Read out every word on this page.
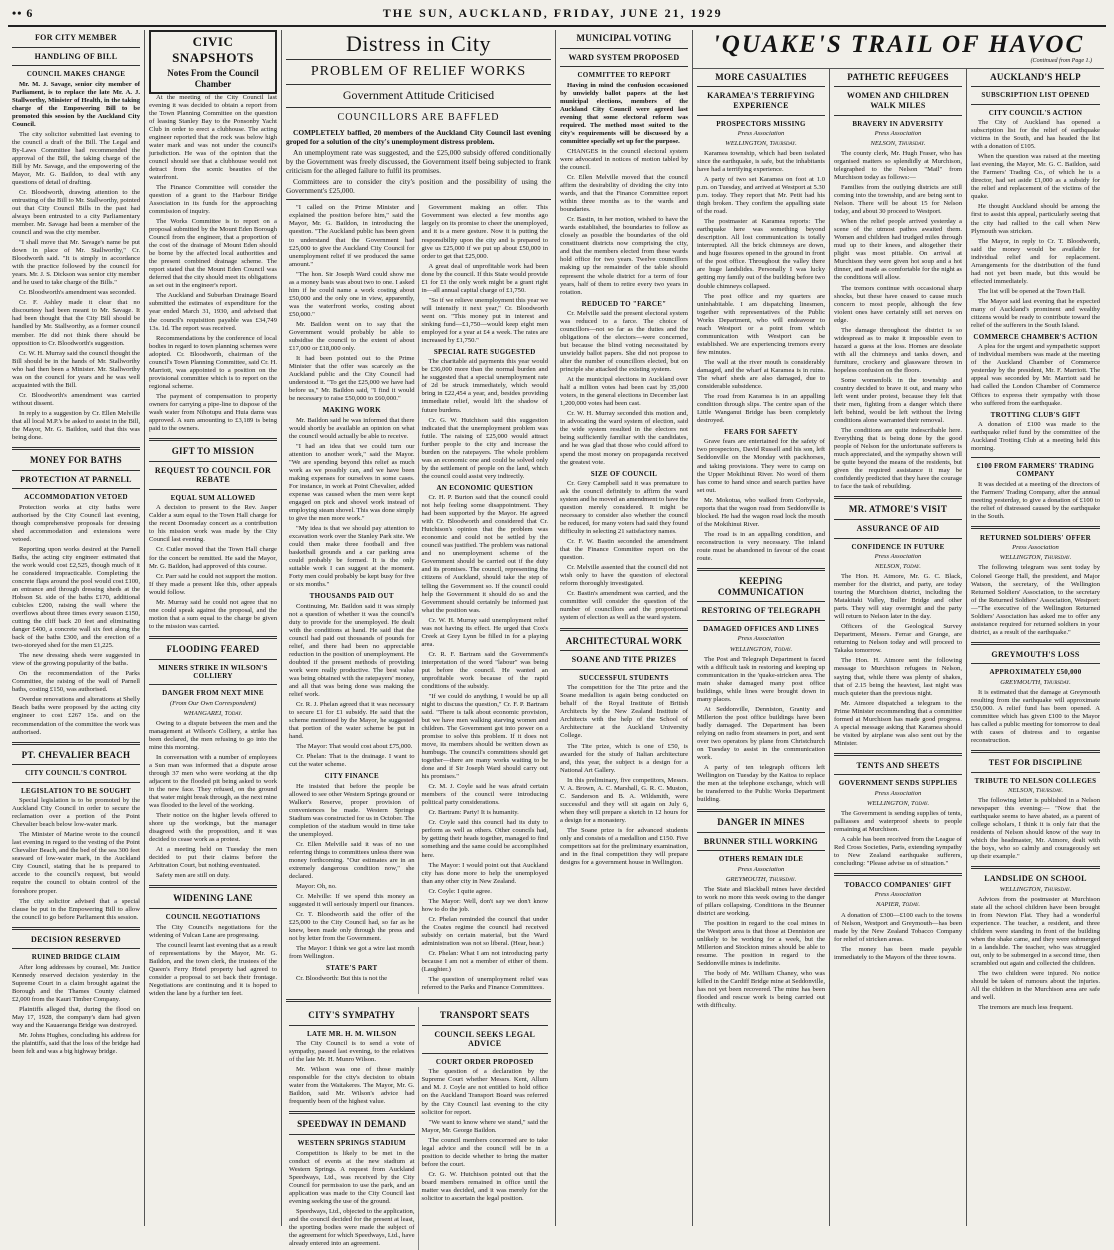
•• 6	THE SUN, AUCKLAND, FRIDAY, JUNE 21, 1929
FOR CITY MEMBER
HANDLING OF BILL
COUNCIL MAKES CHANGE

Mr. M. J. Savage, senior city member of Parliament, is to replace the late Mr. A. J. Stallworthy, Minister of Health, in the taking charge of the Empowering Bill to be promoted this session by the Auckland City Council.

The city solicitor submitted last evening to the council a draft of the Bill. The Legal and By-Laws Committee had recommended the approval of the Bill, the taking charge of the Bill by Mr. Savage, and the empowering of the Mayor, Mr. G. Baildon, to deal with any questions of detail of drafting.

Cr. Bloodworth, drawing attention to the entrusting of the Bill to Mr. Stallworthy, pointed out that City Council Bills in the past had always been entrusted to a city Parliamentary member. Mr. Savage had been a member of the council and was the city member.

"I shall move that Mr. Savage's name be put down in place of Mr. Stallworthy," Cr. Bloodworth said. "It is simply in accordance with the practice followed by the council for years. Mr. J. S. Dickson was senior city member and he used to take charge of the Bills."

Cr. Bloodworth's amendment was seconded.

Cr. F. Ashley made it clear that no discourtesy had been meant to Mr. Savage. It had been thought that the City Bill should be handled by Mr. Stallworthy, as a former council member. He did not think there should be opposition to Cr. Bloodworth's suggestion.

Cr. W. H. Murray said the council thought the Bill should be in the hands of Mr. Stallworthy who had then been a Minister. Mr. Stallworthy was on the council for years and he was well acquainted with the Bill.

Cr. Bloodworth's amendment was carried without dissent.

In reply to a suggestion by Cr. Ellen Melville that all local M.P.'s be asked to assist in the Bill, the Mayor, Mr. G. Baildon, said that this was being done.

MONEY FOR BATHS
PROTECTION AT PARNELL
ACCOMMODATION VETOED

Protection works at city baths were authorised by the City Council last evening, though comprehensive proposals for dressing shed accommodation and extensions were vetoed.

Reporting upon works desired at the Parnell Baths, the acting city engineer estimated that the work would cost £2,525, though much of it he considered impracticable. Completing the concrete flaps around the pool would cost £100, an entrance and through dressing sheds at the Hobson St. side of the baths £170, additional cubicles £200, raising the wall where the overflows about three times every season £150, cutting the cliff back 20 feet and eliminating danger £400, a concrete wall six feet along the back of the baths £300, and the erection of a two-storeyed shed for the men £1,225.

The new dressing sheds were suggested in view of the growing popularity of the baths.

On the recommendation of the Parks Committee, the raising of the wall of Parnell baths, costing £150, was authorised.

Overdue renovations and alterations at Shelly Beach baths were proposed by the acting city engineer to cost £267 15s. and on the recommendation of the committee the work was authorised.

PT. CHEVALIER BEACH
CITY COUNCIL'S CONTROL
LEGISLATION TO BE SOUGHT

Special legislation is to be promoted by the Auckland City Council in order to secure the reclamation over a portion of the Point Chevalier beach below low-water mark.

The Minister of Marine wrote to the council last evening in regard to the vesting of the Point Chevalier Beach, and the bed of the sea 300 feet seaward of low-water mark, in the Auckland City Council, stating that he is prepared to accede to the council's request, but would require the council to obtain control of the foreshore proper.

The city solicitor advised that a special clause be put in the Empowering Bill to allow the council to go before Parliament this session.

DECISION RESERVED
RUINED BRIDGE CLAIM

After long addresses by counsel, Mr. Justice Kennedy reserved decision yesterday in the Supreme Court in a claim brought against the Borough and the Thames County claimed £2,000 from the Kauri Timber Company.

Plaintiffs alleged that, during the flood on May 17, 1928, the company's dam had given way and the Kauaeranga Bridge was destroyed.

Mr. Johns Hughes, concluding his address for the plaintiffs, said that the loss of the bridge had been felt and was a big highway bridge.

CIVIC SNAPSHOTS
Notes From the Council Chamber

At the meeting of the City Council last evening it was decided to obtain a report from the Town Planning Committee on the question of leasing Stanley Bay to the Ponsonby Yacht Club in order to erect a clubhouse. The acting engineer reported that the rock was below high water mark and was not under the council's jurisdiction. He was of the opinion that the council should see that a clubhouse would not detract from the scenic beauties of the waterfront.

The Finance Committee will consider the question of a grant to the Harbour Bridge Association in its funds for the approaching commission of inquiry.

The Works Committee is to report on a proposal submitted by the Mount Eden Borough Council from the engineer, that a proportion of the cost of the drainage of Mount Eden should be borne by the affected local authorities and the present combined drainage scheme. The report stated that the Mount Eden Council was deferred that the city should meet its obligations as set out in the engineer's report.

The Auckland and Suburban Drainage Board submitted the estimates of expenditure for the year ended March 31, 1930, and advised that the council's requisition payable was £34,749 13s. 1d. The report was received.

Recommendations by the conference of local bodies in regard to town planning schemes were adopted. Cr. Bloodworth, chairman of the council's Town Planning Committee, said Cr. H. Marriott, was appointed to a position on the provisional committee which is to report on the regional scheme.

The payment of compensation to property owners for carrying a pipe-line to dispose of the wash water from Nihotupu and Huia dams was approved. A sum amounting to £3,189 is being paid to the owners.

GIFT TO MISSION
REQUEST TO COUNCIL FOR REBATE
EQUAL SUM ALLOWED

A decision to present to the Rev. Jasper Calder a sum equal to the Town Hall charge for the recent Doomsday concert as a contribution to his mission work was made by the City Council last evening.

Cr. Cutler moved that the Town Hall charge for the concert be remitted. He said the Mayor, Mr. G. Baildon, had approved of this course.

Cr. Parr said he could not support the motion. If they made a present like this, other appeals would follow.

Mr. Murray said he could not agree that no one could speak against the proposal, and the motion that a sum equal to the charge be given to the mission was carried.

FLOODING FEARED
MINERS STRIKE IN WILSON'S COLLIERY
DANGER FROM NEXT MINE
(From Our Own Correspondent)
WHANGAREI, Today.

Owing to a dispute between the men and the management at Wilson's Colliery, a strike has been declared, the men refusing to go into the mine this morning.

In conversation with a number of employees a Sun man was informed that a dispute arose through 37 men who were working at the dip adjacent to the flooded pit being asked to work in the new face. They refused, on the ground that water might break through, as the next mine was flooded to the level of the working.

Their notice on the higher levels offered to shore up the workings, but the manager disagreed with the proposition, and it was decided to cease work as a protest.

At a meeting held on Tuesday the men decided to put their claims before the Arbitration Court, but nothing eventuated.

Safety men are still on duty.

WIDENING LANE
COUNCIL NEGOTIATIONS

The City Council's negotiations for the widening of Vulcan Lane are progressing.

The council learnt last evening that as a result of representations by the Mayor, Mr. G. Baildon, and the town clerk, the trustees of the Queen's Ferry Hotel property had agreed to consider a proposal to set back their frontage. Negotiations are continuing and it is hoped to widen the lane by a further ten feet.

Distress in City
PROBLEM OF RELIEF WORKS
Government Attitude Criticised
COUNCILLORS ARE BAFFLED

COMPLETELY baffled, 20 members of the Auckland City Council last evening groped for a solution of the city's unemployment distress problem.

An unemployment rate was suggested, and the £25,000 subsidy offered conditionally by the Government was freely discussed, the Government itself being subjected to frank criticism for the alleged failure to fulfil its promises.

Committees are to consider the city's position and the possibility of using the Government's £25,000.

"I called on the Prime Minister and explained the position before him," said the Mayor, Mr. G. Baildon, in introducing the question. "The Auckland public has been given to understand that the Government had £25,000 to give the Auckland City Council for unemployment relief if we produced the same amount."

"The hon. Sir Joseph Ward could show me as a money basis was about two to one. I asked him if he could name a work costing about £50,000 and the only one in view, apparently, was the waterfront works, costing about £50,000."

Mr. Baildon went on to say that the Government would probably be able to subsidise the council to the extent of about £17,000 or £18,000 only.

It had been pointed out to the Prime Minister that the offer was scarcely as the Auckland public and the City Council had understood it. "To get the £25,000 we have had before us," Mr. Baildon said, "I find it would be necessary to raise £50,000 to £60,000."

MAKING WORK

Mr. Baildon said he was informed that there would shortly be available an opinion on what the council would actually be able to receive.

"I had an idea that we could turn our attention to another work," said the Mayor. "We are spending beyond this relief as much work as we possibly can, and we have been making expenses for ourselves in some cases. For instance, in work at Point Chevalier, added expense was caused when the men were kept engaged on pick and shovel work instead of employing steam shovel. This was done simply to give the men more work."

"My idea is that we should pay attention to excavation work over the Stanley Park site. We could then make three football and five basketball grounds and a car parking area could probably be formed. It is the only suitable work I can suggest at the moment. Forty men could probably be kept busy for five or six months."

THOUSANDS PAID OUT

Continuing, Mr. Baildon said it was simply not a question of whether it was the council's duty to provide for the unemployed. He dealt with the conditions at hand. He said that the council had paid out thousands of pounds for relief, and there had been no appreciable reduction in the position of unemployment. He doubted if the present methods of providing work were really productive. The best value was being obtained with the ratepayers' money, and all that was being done was making the relief work.

Cr. R. J. Phelan agreed that it was necessary to secure £1 for £1 subsidy. He said that the scheme mentioned by the Mayor, he suggested that portion of the water scheme be put in hand.

The Mayor: That would cost about £75,000.

Cr. Phelan: That is the drainage. I want to cut the water scheme.

CITY FINANCE

He insisted that before the people be allowed to see other Western Springs ground or Walker's Reserve, proper provision of conveniences be made. Western Springs Stadium was constructed for us in October. The completion of the stadium would in time take the unemployed.

Cr. Ellen Melville said it was of no use referring things to committees unless there was money forthcoming. "Our estimates are in an extremely dangerous condition now," she declared.

Mayor: Oh, no.

Cr. Melville: If we spend this money as suggested it will seriously imperil our finances.

Cr. T. Bloodworth said the offer of the £25,000 to the City Council had, so far as he knew, been made only through the press and not by letter from the Government.

The Mayor: I think we got a wire last month from Wellington.

STATE'S PART

Cr. Bloodworth: But this is not the

Government making an offer. This Government was elected a few months ago largely on its promise to cheer the unemployed, and it is a mere gesture. Now it is putting the responsibility upon the city and is prepared to give us £25,000 if we put up about £50,000 in order to get that £25,000.

A great deal of unprofitable work had been done by the council. If this State would provide £1 for £1 the only work might be a grant right in—all annual capital charge of £1,750.

"So if we relieve unemployment this year we will intensify it next year," Cr. Bloodworth went on. "This money put in interest and sinking fund—£1,750—would keep eight men employed for a year at £4 a week. The rates are increased by £1,750."

SPECIAL RATE SUGGESTED

The charitable aid payments this year would be £36,000 more than the normal burden and he suggested that a special unemployment rate of 2d be struck immediately, which would bring in £22,454 a year, and, besides providing immediate relief, would lift the shadow of future burdens.

Cr. G. W. Hutchison said this suggestion indicated that the unemployment problem was futile. The raising of £25,000 would attract further people to the city and increase the burden on the ratepayers. The whole problem was an economic one and could be solved only by the settlement of people on the land, which the council could assist very indirectly.

AN ECONOMIC QUESTION

Cr. H. P. Burton said that the council could not help feeling some disappointment. They had been supported by the Mayor. He agreed with Cr. Bloodworth and considered that Cr. Hutchison's opinion that the problem was economic and could not be settled by the council was justified. The problem was national and no unemployment scheme of the Government should be carried out if the duty and its promises. The council, representing the citizens of Auckland, should take the step of telling the Government so. If the council could help the Government it should do so and the Government should certainly be informed just what the position was.

Cr. W. H. Murray said unemployment relief was not having its effect. He urged that Cox's Creek at Grey Lynn be filled in for a playing area.

Cr. R. F. Bartram said the Government's interpretation of the word "labour" was being put before the council. He wanted an unprofitable work because of the rapid conditions of the subsidy.

"If we could do anything, I would be up all night to discuss the question," Cr. F. P. Bartram said. "There is talk about economic provision, but we have men walking starving women and children. The Government got into power on a promise to solve this problem. If it does not move, its members should be written down as humbugs. The council's committees should get together—there are many works waiting to be done and if Sir Joseph Ward should carry out his promises."

Cr. M. J. Coyle said he was afraid certain members of the council were introducing political party considerations.

Cr. Bartram: Party! It is humanity.

Cr. Coyle said this council had its duty to perform as well as others. Other councils had, by getting their heads together, managed to find something and the same could be accomplished here.

The Mayor: I would point out that Auckland city has done more to help the unemployed than any other city in New Zealand.

Cr. Coyle: I quite agree.

The Mayor: Well, don't say we don't know how to do the job.

Cr. Phelan reminded the council that under the Coates regime the council had received subsidy on certain material, but the Ward administration was not so liberal. (Hear, hear.)

Cr. Phelan: What I am not introducing party because I am not a member of either of them. (Laughter.)

The question of unemployment relief was referred to the Parks and Finance Committees.

CITY'S SYMPATHY
LATE MR. H. M. WILSON

The City Council is to send a vote of sympathy, passed last evening, to the relatives of the late Mr. H. Munro Wilson.

Mr. Wilson was one of those mainly responsible for the city's decision to obtain water from the Waitakeres. The Mayor, Mr. G. Baildon, said Mr. Wilson's advice had frequently been of the highest value.

SPEEDWAY IN DEMAND
WESTERN SPRINGS STADIUM

Competition is likely to be met in the conduct of events at the new stadium at Western Springs. A request from Auckland Speedways, Ltd., was received by the City Council for permission to use the park, and an application was made to the City Council last evening seeking the use of the ground.

Speedways, Ltd., objected to the application, and the council decided for the present at least, the sporting bodies were made the subject of the agreement for which Speedways, Ltd., have already entered into an agreement.

TRANSPORT SEATS
COUNCIL SEEKS LEGAL ADVICE
COURT ORDER PROPOSED

The question of a declaration by the Supreme Court whether Messrs. Kent, Allum and M. J. Coyle are not entitled to hold office on the Auckland Transport Board was referred by the City Council last evening to the city solicitor for report.

"We want to know where we stand," said the Mayor, Mr. George Baildon.

The council members concerned are to take legal advice and the council will be in a position to decide whether to bring the matter before the court.

Cr. G. W. Hutchison pointed out that the board members remained in office until the matter was decided, and it was merely for the solicitor to ascertain the legal position.

MUNICIPAL VOTING
WARD SYSTEM PROPOSED
COMMITTEE TO REPORT

Having in mind the confusion occasioned by unwieldy ballot papers at the last municipal elections, members of the Auckland City Council were agreed last evening that some electoral reform was required. The method most suited to the city's requirements will be discussed by a committee specially set up for the purpose.

CHANGES in the council electoral system were advocated in notices of motion tabled by the council.

Cr. Ellen Melville moved that the council affirm the desirability of dividing the city into wards, and that the Finance Committee report within three months as to the wards and boundaries.

Cr. Bastin, in her motion, wished to have the wards established, the boundaries to follow as closely as possible the boundaries of the old constituent districts now comprising the city, and that the members elected from these wards hold office for two years. Twelve councillors making up the remainder of the table should represent the whole district for a term of four years, half of them to retire every two years in rotation.

REDUCED TO "FARCE"

Cr. Melville said the present electoral system was reduced to a farce. The choice of councillors—not so far as the duties and the obligations of the electors—were concerned, but because the blind voting necessitated by unwieldy ballot papers. She did not propose to alter the number of councillors elected, but on principle she attacked the existing system.

At the municipal elections in Auckland over half a million votes had been cast by 35,000 voters, in the general elections in December last 1,200,000 votes had been cast.

Cr. W. H. Murray seconded this motion and, in advocating the ward system of election, said the wide system resulted in the electors not being sufficiently familiar with the candidates, and he was glad that those who could afford to spend the most money on propaganda received the greatest vote.

SIZE OF COUNCIL

Cr. Grey Campbell said it was premature to ask the council definitely to affirm the ward system and he moved an amendment to have the question merely considered. It might be necessary to consider also whether the council be reduced, for many voters had said they found difficulty in selecting 21 satisfactory names.

Cr. F. W. Bastin seconded the amendment that the Finance Committee report on the question.

Cr. Melville assented that the council did not wish only to have the question of electoral reform thoroughly investigated.

Cr. Bastin's amendment was carried, and the committee will consider the question of the number of councillors and the proportional system of election as well as the ward system.

ARCHITECTURAL WORK
SOANE AND TITE PRIZES
SUCCESSFUL STUDENTS

The competition for the Tite prize and the Soane medallion is again being conducted on behalf of the Royal Institute of British Architects by the New Zealand Institute of Architects with the help of the School of Architecture at the Auckland University College.

The Tite prize, which is one of £50, is awarded for the study of Italian architecture and, this year, the subject is a design for a National Art Gallery.

In this preliminary, five competitors, Messrs. V. A. Brown, A. C. Marshall, G. R. C. Muston, C. Sanderson and B. A. Wildsmith, were successful and they will sit again on July 6, when they will prepare a sketch in 12 hours for a design for a monastery.

The Soane prize is for advanced students only and consists of a medallion and £150. Five competitors sat for the preliminary examination, and in the final competition they will prepare designs for a government house in Wellington.

'QUAKE'S TRAIL OF HAVOC
(Continued from Page 1.)
MORE CASUALTIES
KARAMEA'S TERRIFYING EXPERIENCE
PROSPECTORS MISSING
Press Association
WELLINGTON, Thursday.

Karamea township, which had been isolated since the earthquake, is safe, but the inhabitants have had a terrifying experience.

A party of two set Karamea on foot at 1.0 p.m. on Tuesday, and arrived at Westport at 5.30 p.m. today. They report that Mr. Petit had his thigh broken. They confirm the appalling state of the road.

The postmaster at Karamea reports: The earthquake here was something beyond description. All lost communication is totally interrupted. All the brick chimneys are down, and huge fissures opened in the ground in front of the post office. Throughout the valley there are huge landslides. Personally I was lucky getting my family out of the building before two double chimneys collapsed.

The post office and my quarters are uninhabitable. I am dispatching linesmen, together with representatives of the Public Works Department, who will endeavour to reach Westport or a point from which communication with Westport can be established. We are experiencing tremors every few minutes.

The wall at the river mouth is considerably damaged, and the wharf at Karamea is in ruins. The wharf sheds are also damaged, due to considerable subsidence.

The road from Karamea is in an appalling condition through slips. The centre span of the Little Wanganui Bridge has been completely destroyed.

FEARS FOR SAFETY

Grave fears are entertained for the safety of two prospectors, David Russell and his son, left Seddonville on the Monday with packhorses, and taking provisions. They were to camp on the Upper Mokihinui River. No word of them has come to hand since and search parties have set out.

Mr. Mokotua, who walked from Corbyvale, reports that the wagon road from Seddonville is blocked. He had the wagon road lock the mouth of the Mokihinui River.

The road is in an appalling condition, and reconstruction is very necessary. The inland route must be abandoned in favour of the coast route.

KEEPING COMMUNICATION
RESTORING OF TELEGRAPH
DAMAGED OFFICES AND LINES
Press Association
WELLINGTON, Today.

The Post and Telegraph Department is faced with a difficult task in restoring and keeping up communication in the 'quake-stricken area. The main shake damaged many post office buildings, while lines were brought down in many places.

At Seddonville, Denniston, Granity and Millerton the post office buildings have been badly damaged. The Department has been relying on radio from steamers in port, and sent over two operators by plane from Christchurch on Tuesday to assist in the communication work.

A party of ten telegraph officers left Wellington on Tuesday by the Kaitoa to replace the men at the telephone exchange, which will be transferred to the Public Works Department building.

DANGER IN MINES
BRUNNER STILL WORKING
OTHERS REMAIN IDLE
Press Association
GREYMOUTH, Thursday.

The State and Blackball mines have decided to work no more this week owing to the danger of pillars collapsing. Conditions in the Brunner district are working.

The position in regard to the coal mines in the Westport area is that those at Denniston are unlikely to be working for a week, but the Millerton and Stockton mines should be able to resume. The position in regard to the Seddonville mines is indefinite.

The body of Mr. William Chaney, who was killed in the Cardiff Bridge mine at Seddonville, has not yet been recovered. The mine has been flooded and rescue work is being carried out with difficulty.

PATHETIC REFUGEES
WOMEN AND CHILDREN WALK MILES
BRAVERY IN ADVERSITY
Press Association
NELSON, Thursday.

The county clerk, Mr. Hugh Fraser, who has organised matters so splendidly at Murchison, telegraphed to the Nelson "Mail" from Murchison today as follows:—

Families from the outlying districts are still coming into the township, and are being sent to Nelson. There will be about 15 for Nelson today, and about 30 proceed to Westport.

When the relief people arrived yesterday a scene of the utmost pathos awaited them. Women and children had trudged miles through mud up to their knees, and altogether their plight was most pitiable. On arrival at Murchison they were given hot soup and a hot dinner, and made as comfortable for the night as the conditions will allow.

The tremors continue with occasional sharp shocks, but these have ceased to cause much concern to most people, although the few violent ones have certainly still set nerves on edge.

The damage throughout the district is so widespread as to make it impossible even to hazard a guess at the loss. Homes are desolate with all the chimneys and tanks down, and furniture, crockery and glassware thrown in hopeless confusion on the floors.

Some womenfolk in the township and country decided to brave it out, and many who left went under protest, because they felt that their men, fighting from a danger which there left behind, would be left without the living conditions alone warranted their removal.

The conditions are quite indescribable here. Everything that is being done by the good people of Nelson for the unfortunate sufferers is much appreciated, and the sympathy shown will be quite beyond the means of the residents, but given the required assistance it may be confidently predicted that they have the courage to face the task of rebuilding.

MR. ATMORE'S VISIT
ASSURANCE OF AID
CONFIDENCE IN FUTURE
Press Association
NELSON, Today.

The Hon. H. Atmore, Mr. G. C. Black, member for the district, and party, are today touring the Murchison district, including the Matakitaki Valley, Buller Bridge and other parts. They will stay overnight and the party will return to Nelson later in the day.

Officers of the Geological Survey Department, Messrs. Ferrar and Grange, are returning to Nelson today and will proceed to Takaka tomorrow.

The Hon. H. Atmore sent the following message to Murchison refugees in Nelson, saying that, while there was plenty of shakes, that of 2.15 being the heaviest, last night was much quieter than the previous night.

Mr. Atmore dispatched a telegram to the Prime Minister recommending that a committee formed at Murchison has made good progress. A special message asking that Karamea should be visited by airplane was also sent out by the Minister.

TENTS AND SHEETS
GOVERNMENT SENDS SUPPLIES
Press Association
WELLINGTON, Today.

The Government is sending supplies of tents, palliasses and waterproof sheets to people remaining at Murchison.

A cable has been received from the League of Red Cross Societies, Paris, extending sympathy to New Zealand earthquake sufferers, concluding: "Please advise us of situation."

TOBACCO COMPANIES' GIFT
Press Association
NAPIER, Today.

A donation of £300—£100 each to the towns of Nelson, Westport and Greymouth—has been made by the New Zealand Tobacco Company for relief of stricken areas.

The money has been made payable immediately to the Mayors of the three towns.

AUCKLAND'S HELP
SUBSCRIPTION LIST OPENED
CITY COUNCIL'S ACTION

The City of Auckland has opened a subscription list for the relief of earthquake victims in the South, and has headed the list with a donation of £105.

When the question was raised at the meeting last evening, the Mayor, Mr. G. C. Baildon, said the Farmers' Trading Co., of which he is a director, had set aside £1,000 as a subsidy for the relief and replacement of the victims of the quake.

He thought Auckland should be among the first to assist this appeal, particularly seeing that the city had rallied to the call when New Plymouth was stricken.

The Mayor, in reply to Cr. T. Bloodworth, said the money would be available for individual relief and for replacement. Arrangements for the distribution of the fund had not yet been made, but this would be effected immediately.

The list will be opened at the Town Hall.

The Mayor said last evening that he expected many of Auckland's prominent and wealthy citizens would be ready to contribute toward the relief of the sufferers in the South Island.

COMMERCE CHAMBER'S ACTION

A plea for the urgent and sympathetic support of individual members was made at the meeting of the Auckland Chamber of Commerce yesterday by the president, Mr. F. Marriott. The appeal was seconded by Mr. Marriott said he had called the London Chamber of Commerce Offices to express their sympathy with those who suffered from the earthquake.

TROTTING CLUB'S GIFT

A donation of £100 was made to the earthquake relief fund by the committee of the Auckland Trotting Club at a meeting held this morning.

£100 FROM FARMERS' TRADING COMPANY

It was decided at a meeting of the directors of the Farmers' Trading Company, after the annual meeting yesterday, to give a donation of £100 to the relief of distressed caused by the earthquake in the South.

RETURNED SOLDIERS' OFFER
Press Association
WELLINGTON, Thursday.

The following telegram was sent today by Colonel George Hall, the president, and Major Watson, the secretary, of the Wellington Returned Soldiers' Association, to the secretary of the Returned Soldiers' Association, Westport:—"The executive of the Wellington Returned Soldiers' Association has asked me to offer any assistance required for returned soldiers in your district, as a result of the earthquake."

GREYMOUTH'S LOSS
APPROXIMATELY £50,000
GREYMOUTH, Thursday.

It is estimated that the damage at Greymouth resulting from the earthquake will approximate £50,000. A relief fund has been opened. A committee which has given £100 to the Mayor has called a public meeting for tomorrow to deal with cases of distress and to organise reconstruction.

TEST FOR DISCIPLINE
TRIBUTE TO NELSON COLLEGES
NELSON, Thursday.

The following letter is published in a Nelson newspaper this evening:— "Now that the earthquake seems to have abated, as a parent of college scholars, I think it is only fair that the residents of Nelson should know of the way in which the headmaster, Mr. Atmore, dealt with the boys, who so calmly and courageously set up their example."

LANDSLIDE ON SCHOOL
WELLINGTON, Thursday.

Advices from the postmaster at Murchison state all the school children have been brought in from Newton Flat. They had a wonderful experience. The teacher, a resident, and three children were standing in front of the building when the shake came, and they were submerged in a landslide. The teacher, who was struggled out, only to be submerged in a second time, then scrambled out again and collected the children.

The two children were injured. No notice should be taken of rumours about the injuries. All the children in the Murchison area are safe and well.

The tremors are much less frequent.
